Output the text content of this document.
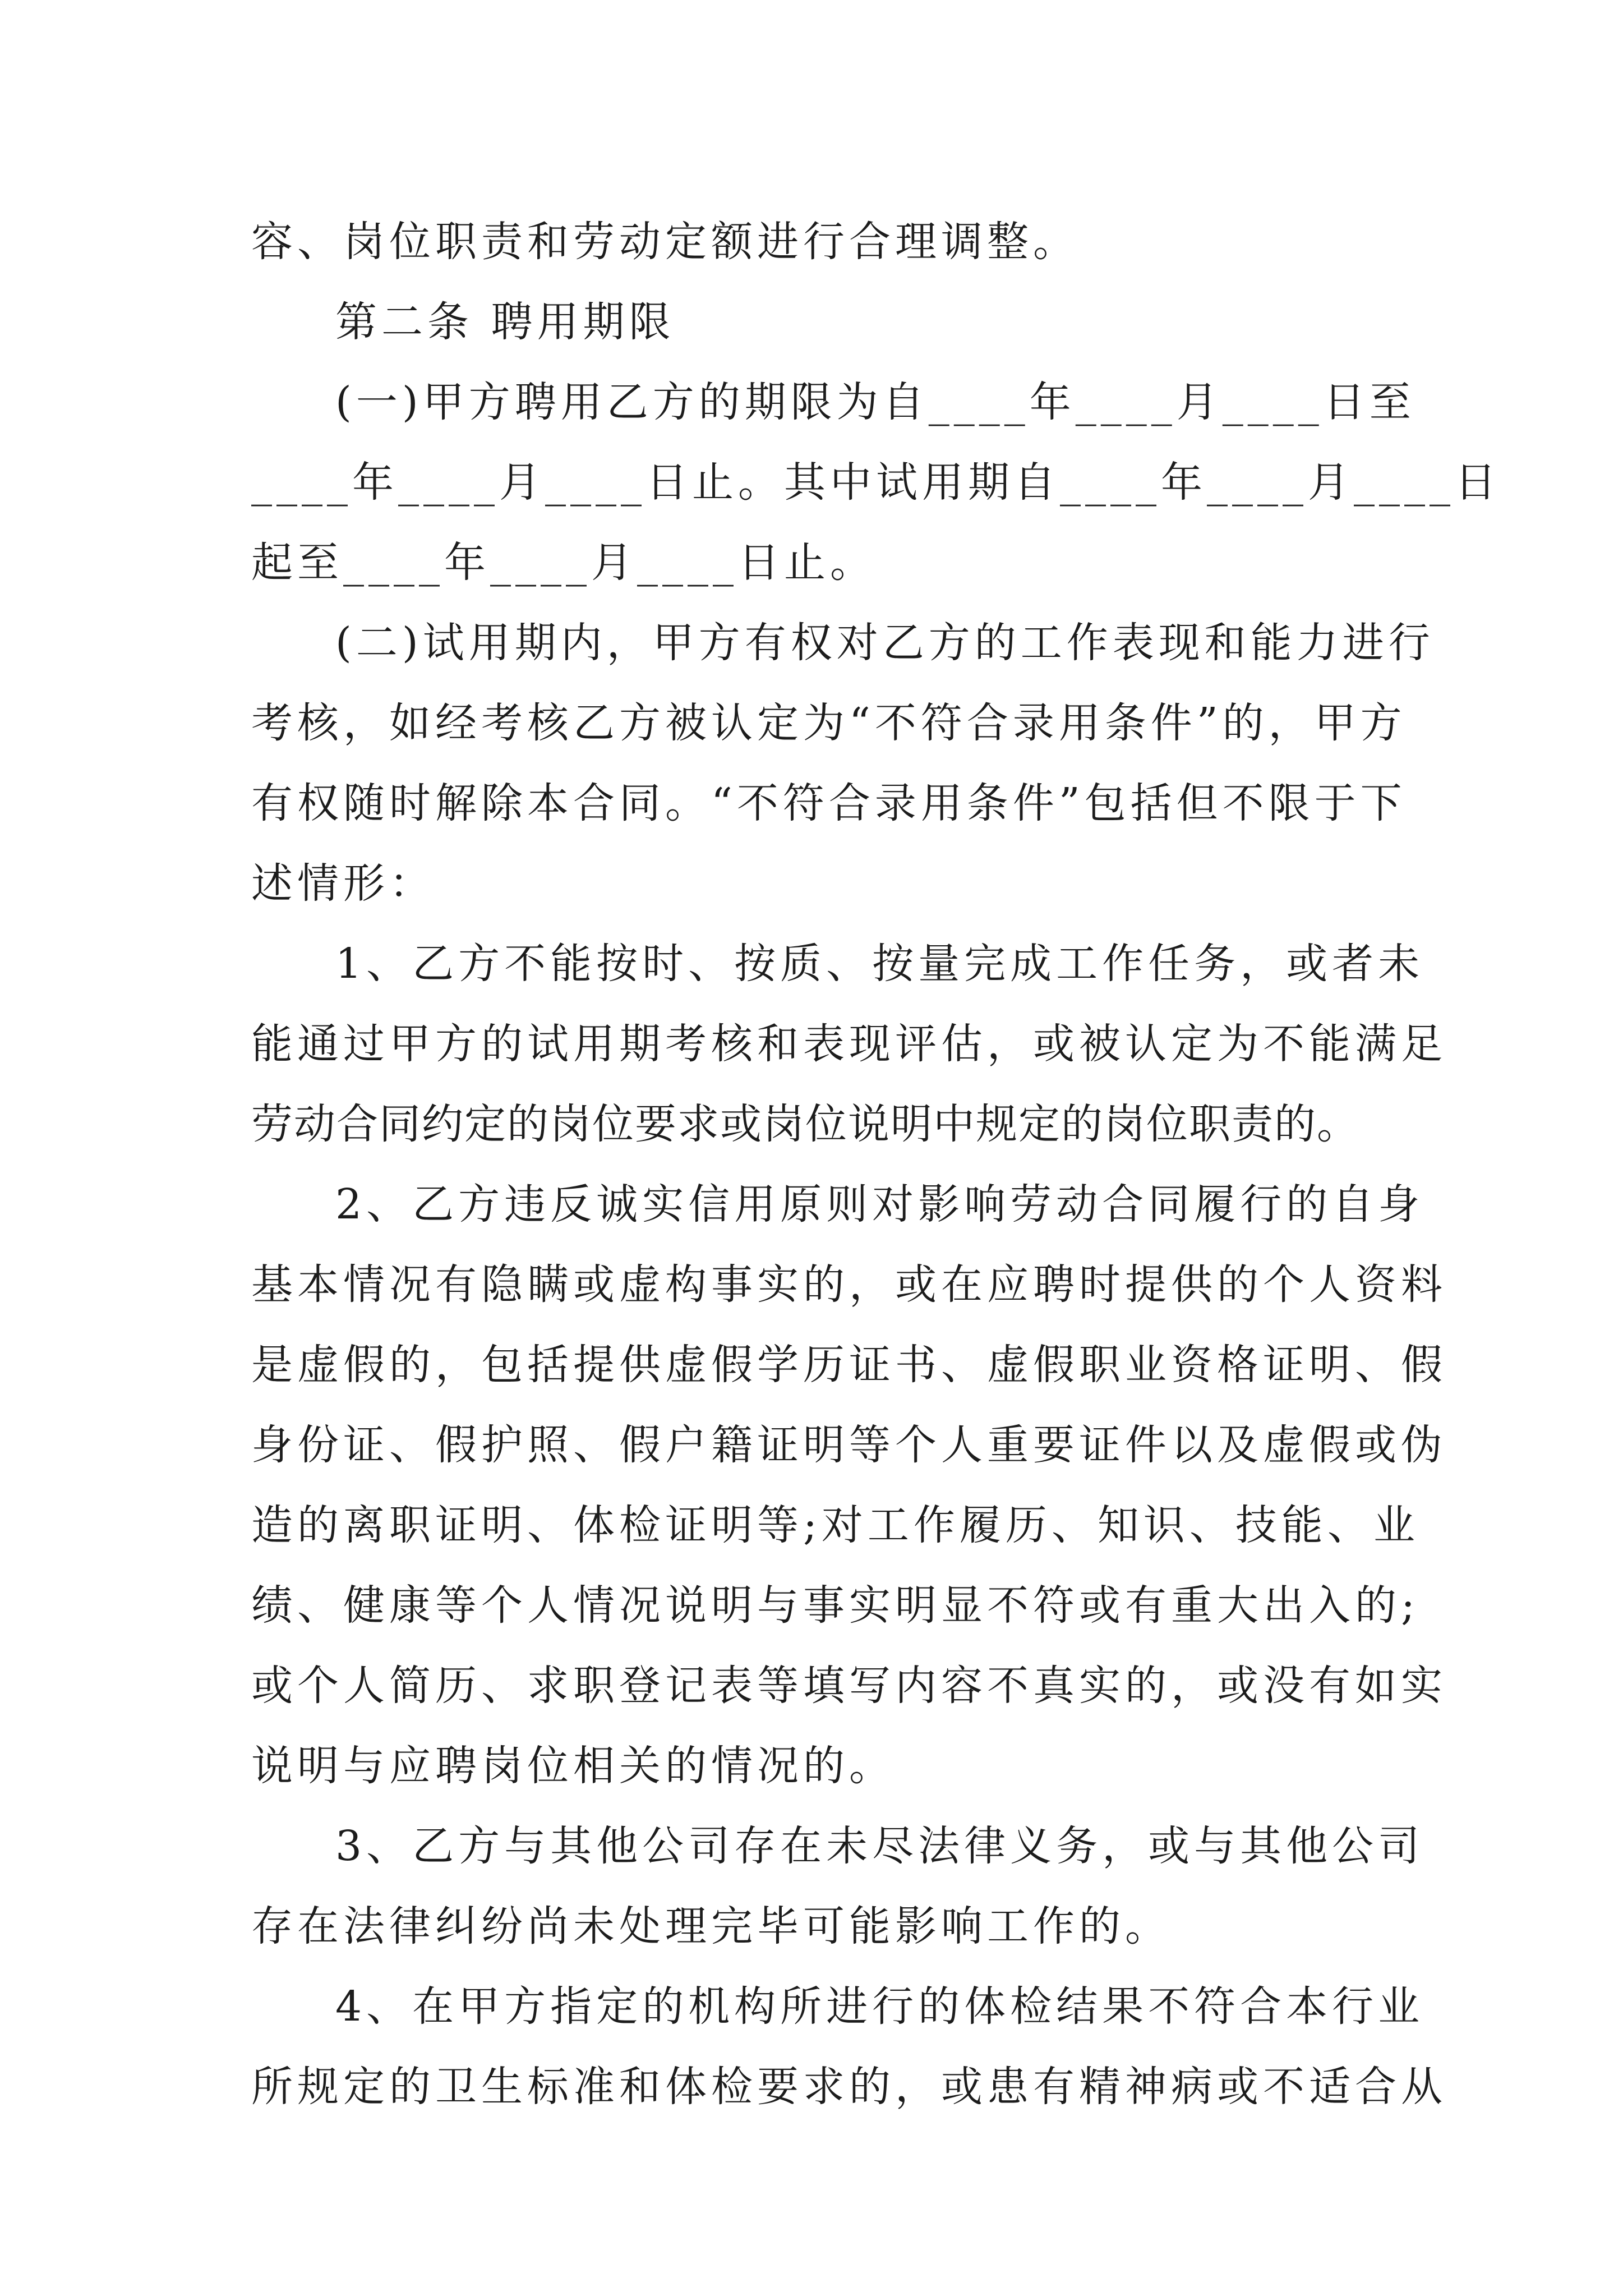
容、岗位职责和劳动定额进行合理调整。
第二条 聘用期限
(一)甲方聘用乙方的期限为自____年____月____日至
____年____月____日止。其中试用期自____年____月____日
起至____年____月____日止。
(二)试用期内，甲方有权对乙方的工作表现和能力进行
考核，如经考核乙方被认定为“不符合录用条件”的，甲方
有权随时解除本合同。“不符合录用条件”包括但不限于下
述情形：
1、乙方不能按时、按质、按量完成工作任务，或者未
能通过甲方的试用期考核和表现评估，或被认定为不能满足
劳动合同约定的岗位要求或岗位说明中规定的岗位职责的。
2、乙方违反诚实信用原则对影响劳动合同履行的自身
基本情况有隐瞒或虚构事实的，或在应聘时提供的个人资料
是虚假的，包括提供虚假学历证书、虚假职业资格证明、假
身份证、假护照、假户籍证明等个人重要证件以及虚假或伪
造的离职证明、体检证明等;对工作履历、知识、技能、业
绩、健康等个人情况说明与事实明显不符或有重大出入的;
或个人简历、求职登记表等填写内容不真实的，或没有如实
说明与应聘岗位相关的情况的。
3、乙方与其他公司存在未尽法律义务，或与其他公司
存在法律纠纷尚未处理完毕可能影响工作的。
4、在甲方指定的机构所进行的体检结果不符合本行业
所规定的卫生标准和体检要求的，或患有精神病或不适合从
